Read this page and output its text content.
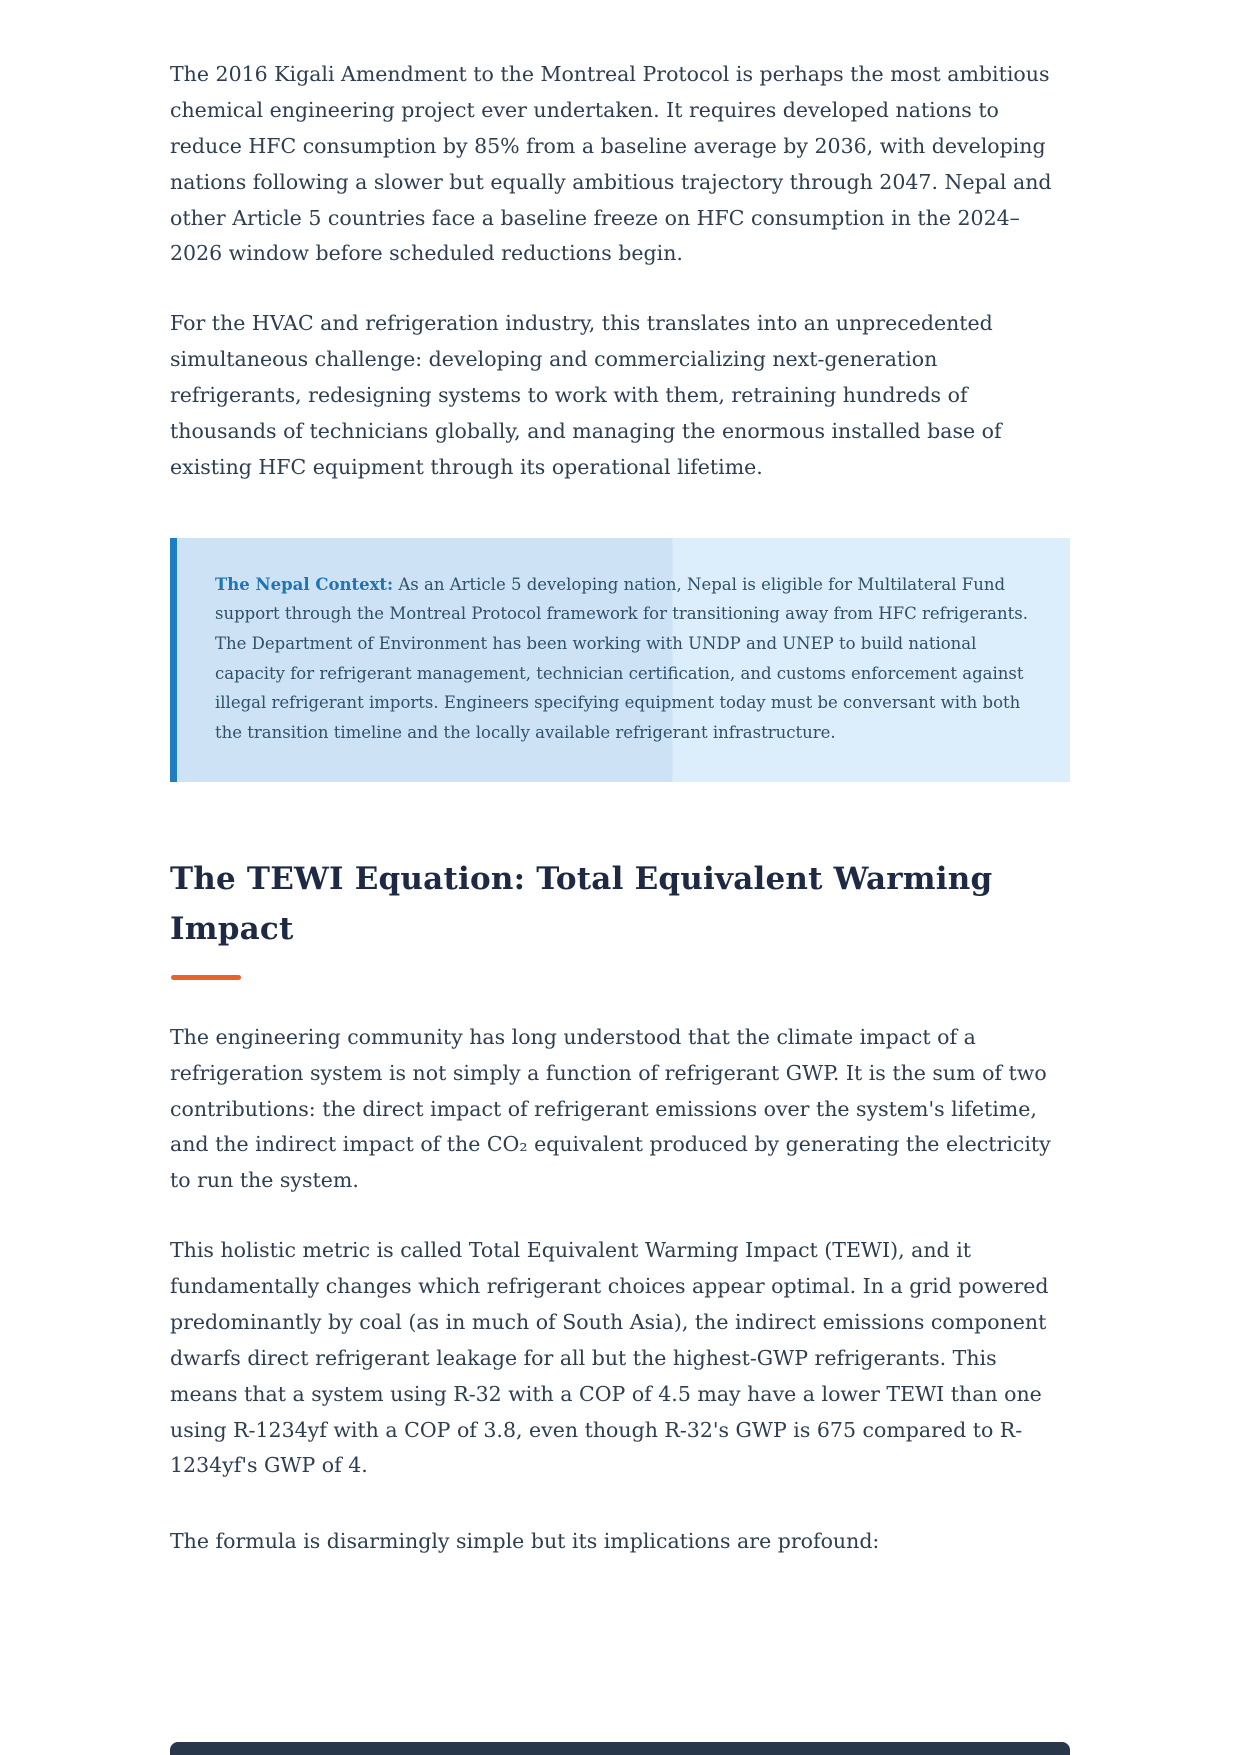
The 2016 Kigali Amendment to the Montreal Protocol is perhaps the most ambitious chemical engineering project ever undertaken. It requires developed nations to reduce HFC consumption by 85% from a baseline average by 2036, with developing nations following a slower but equally ambitious trajectory through 2047. Nepal and other Article 5 countries face a baseline freeze on HFC consumption in the 2024–2026 window before scheduled reductions begin.

For the HVAC and refrigeration industry, this translates into an unprecedented simultaneous challenge: developing and commercializing next-generation refrigerants, redesigning systems to work with them, retraining hundreds of thousands of technicians globally, and managing the enormous installed base of existing HFC equipment through its operational lifetime.

The Nepal Context: As an Article 5 developing nation, Nepal is eligible for Multilateral Fund support through the Montreal Protocol framework for transitioning away from HFC refrigerants. The Department of Environment has been working with UNDP and UNEP to build national capacity for refrigerant management, technician certification, and customs enforcement against illegal refrigerant imports. Engineers specifying equipment today must be conversant with both the transition timeline and the locally available refrigerant infrastructure.

The TEWI Equation: Total Equivalent Warming Impact

The engineering community has long understood that the climate impact of a refrigeration system is not simply a function of refrigerant GWP. It is the sum of two contributions: the direct impact of refrigerant emissions over the system's lifetime, and the indirect impact of the CO₂ equivalent produced by generating the electricity to run the system.

This holistic metric is called Total Equivalent Warming Impact (TEWI), and it fundamentally changes which refrigerant choices appear optimal. In a grid powered predominantly by coal (as in much of South Asia), the indirect emissions component dwarfs direct refrigerant leakage for all but the highest-GWP refrigerants. This means that a system using R-32 with a COP of 4.5 may have a lower TEWI than one using R-1234yf with a COP of 3.8, even though R-32's GWP is 675 compared to R-1234yf's GWP of 4.

The formula is disarmingly simple but its implications are profound:
